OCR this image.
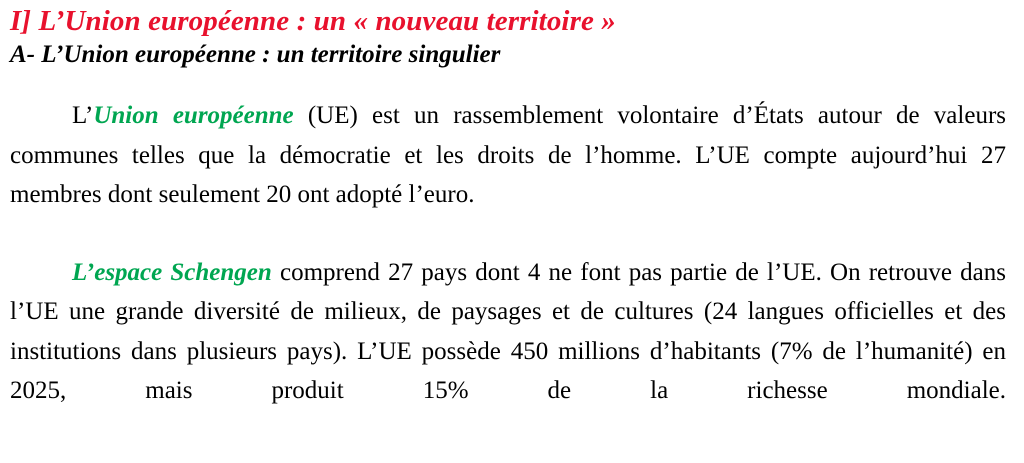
I] L’Union européenne : un « nouveau territoire »
A- L’Union européenne : un territoire singulier

L’Union européenne (UE) est un rassemblement volontaire d’États autour de valeurs communes telles que la démocratie et les droits de l’homme. L’UE compte aujourd’hui 27 membres dont seulement 20 ont adopté l’euro.

L’espace Schengen comprend 27 pays dont 4 ne font pas partie de l’UE. On retrouve dans l’UE une grande diversité de milieux, de paysages et de cultures (24 langues officielles et des institutions dans plusieurs pays). L’UE possède 450 millions d’habitants (7% de l’humanité) en 2025, mais produit 15% de la richesse mondiale.
